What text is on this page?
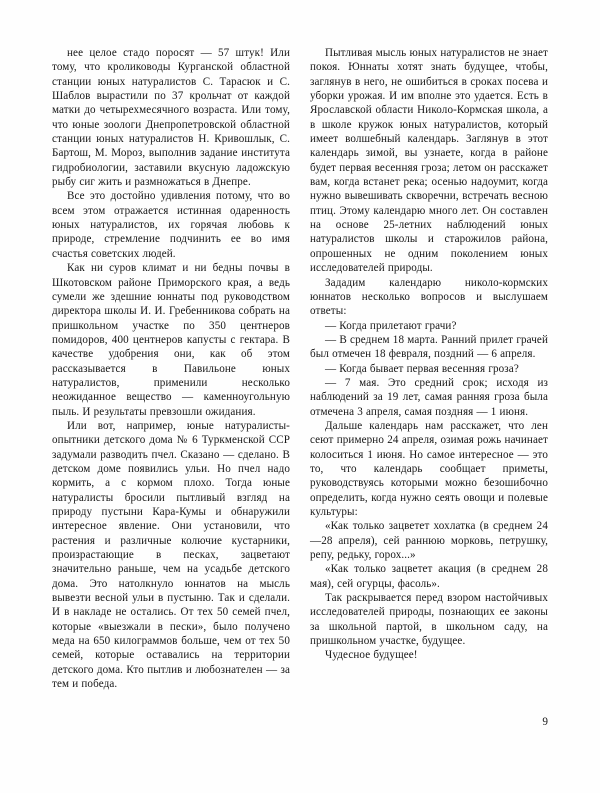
нее целое стадо поросят — 57 штук! Или тому, что кролиководы Курганской областной станции юных натуралистов С. Тарасюк и С. Шаблов вырастили по 37 крольчат от каждой матки до четырехмесячного возраста. Или тому, что юные зоологи Днепропетровской областной станции юных натуралистов Н. Кривошлык, С. Бартош, М. Мороз, выполнив задание института гидробиологии, заставили вкусную ладожскую рыбу сиг жить и размножаться в Днепре.

Все это достойно удивления потому, что во всем этом отражается истинная одаренность юных натуралистов, их горячая любовь к природе, стремление подчинить ее во имя счастья советских людей.

Как ни суров климат и ни бедны почвы в Шкотовском районе Приморского края, а ведь сумели же здешние юннаты под руководством директора школы И. И. Гребенникова собрать на пришкольном участке по 350 центнеров помидоров, 400 центнеров капусты с гектара. В качестве удобрения они, как об этом рассказывается в Павильоне юных натуралистов, применили несколько неожиданное вещество — каменноугольную пыль. И результаты превзошли ожидания.

Или вот, например, юные натуралисты-опытники детского дома № 6 Туркменской ССР задумали разводить пчел. Сказано — сделано. В детском доме появились ульи. Но пчел надо кормить, а с кормом плохо. Тогда юные натуралисты бросили пытливый взгляд на природу пустыни Кара-Кумы и обнаружили интересное явление. Они установили, что растения и различные колючие кустарники, произрастающие в песках, зацветают значительно раньше, чем на усадьбе детского дома. Это натолкнуло юннатов на мысль вывезти весной ульи в пустыню. Так и сделали. И в накладе не остались. От тех 50 семей пчел, которые «выезжали в пески», было получено меда на 650 килограммов больше, чем от тех 50 семей, которые оставались на территории детского дома. Кто пытлив и любознателен — за тем и победа.

Пытливая мысль юных натуралистов не знает покоя. Юннаты хотят знать будущее, чтобы, заглянув в него, не ошибиться в сроках посева и уборки урожая. И им вполне это удается. Есть в Ярославской области Николо-Кормская школа, а в школе кружок юных натуралистов, который имеет волшебный календарь. Заглянув в этот календарь зимой, вы узнаете, когда в районе будет первая весенняя гроза; летом он расскажет вам, когда встанет река; осенью надоумит, когда нужно вывешивать скворечни, встречать весною птиц. Этому календарю много лет. Он составлен на основе 25-летних наблюдений юных натуралистов школы и старожилов района, опрошенных не одним поколением юных исследователей природы.

Зададим календарю николо-кормских юннатов несколько вопросов и выслушаем ответы:

— Когда прилетают грачи?

— В среднем 18 марта. Ранний прилет грачей был отмечен 18 февраля, поздний — 6 апреля.

— Когда бывает первая весенняя гроза?

— 7 мая. Это средний срок; исходя из наблюдений за 19 лет, самая ранняя гроза была отмечена 3 апреля, самая поздняя — 1 июня.

Дальше календарь нам расскажет, что лен сеют примерно 24 апреля, озимая рожь начинает колоситься 1 июня. Но самое интересное — это то, что календарь сообщает приметы, руководствуясь которыми можно безошибочно определить, когда нужно сеять овощи и полевые культуры:

«Как только зацветет хохлатка (в среднем 24—28 апреля), сей раннюю морковь, петрушку, репу, редьку, горох...»

«Как только зацветет акация (в среднем 28 мая), сей огурцы, фасоль».

Так раскрывается перед взором настойчивых исследователей природы, познающих ее законы за школьной партой, в школьном саду, на пришкольном участке, будущее.

Чудесное будущее!

9
